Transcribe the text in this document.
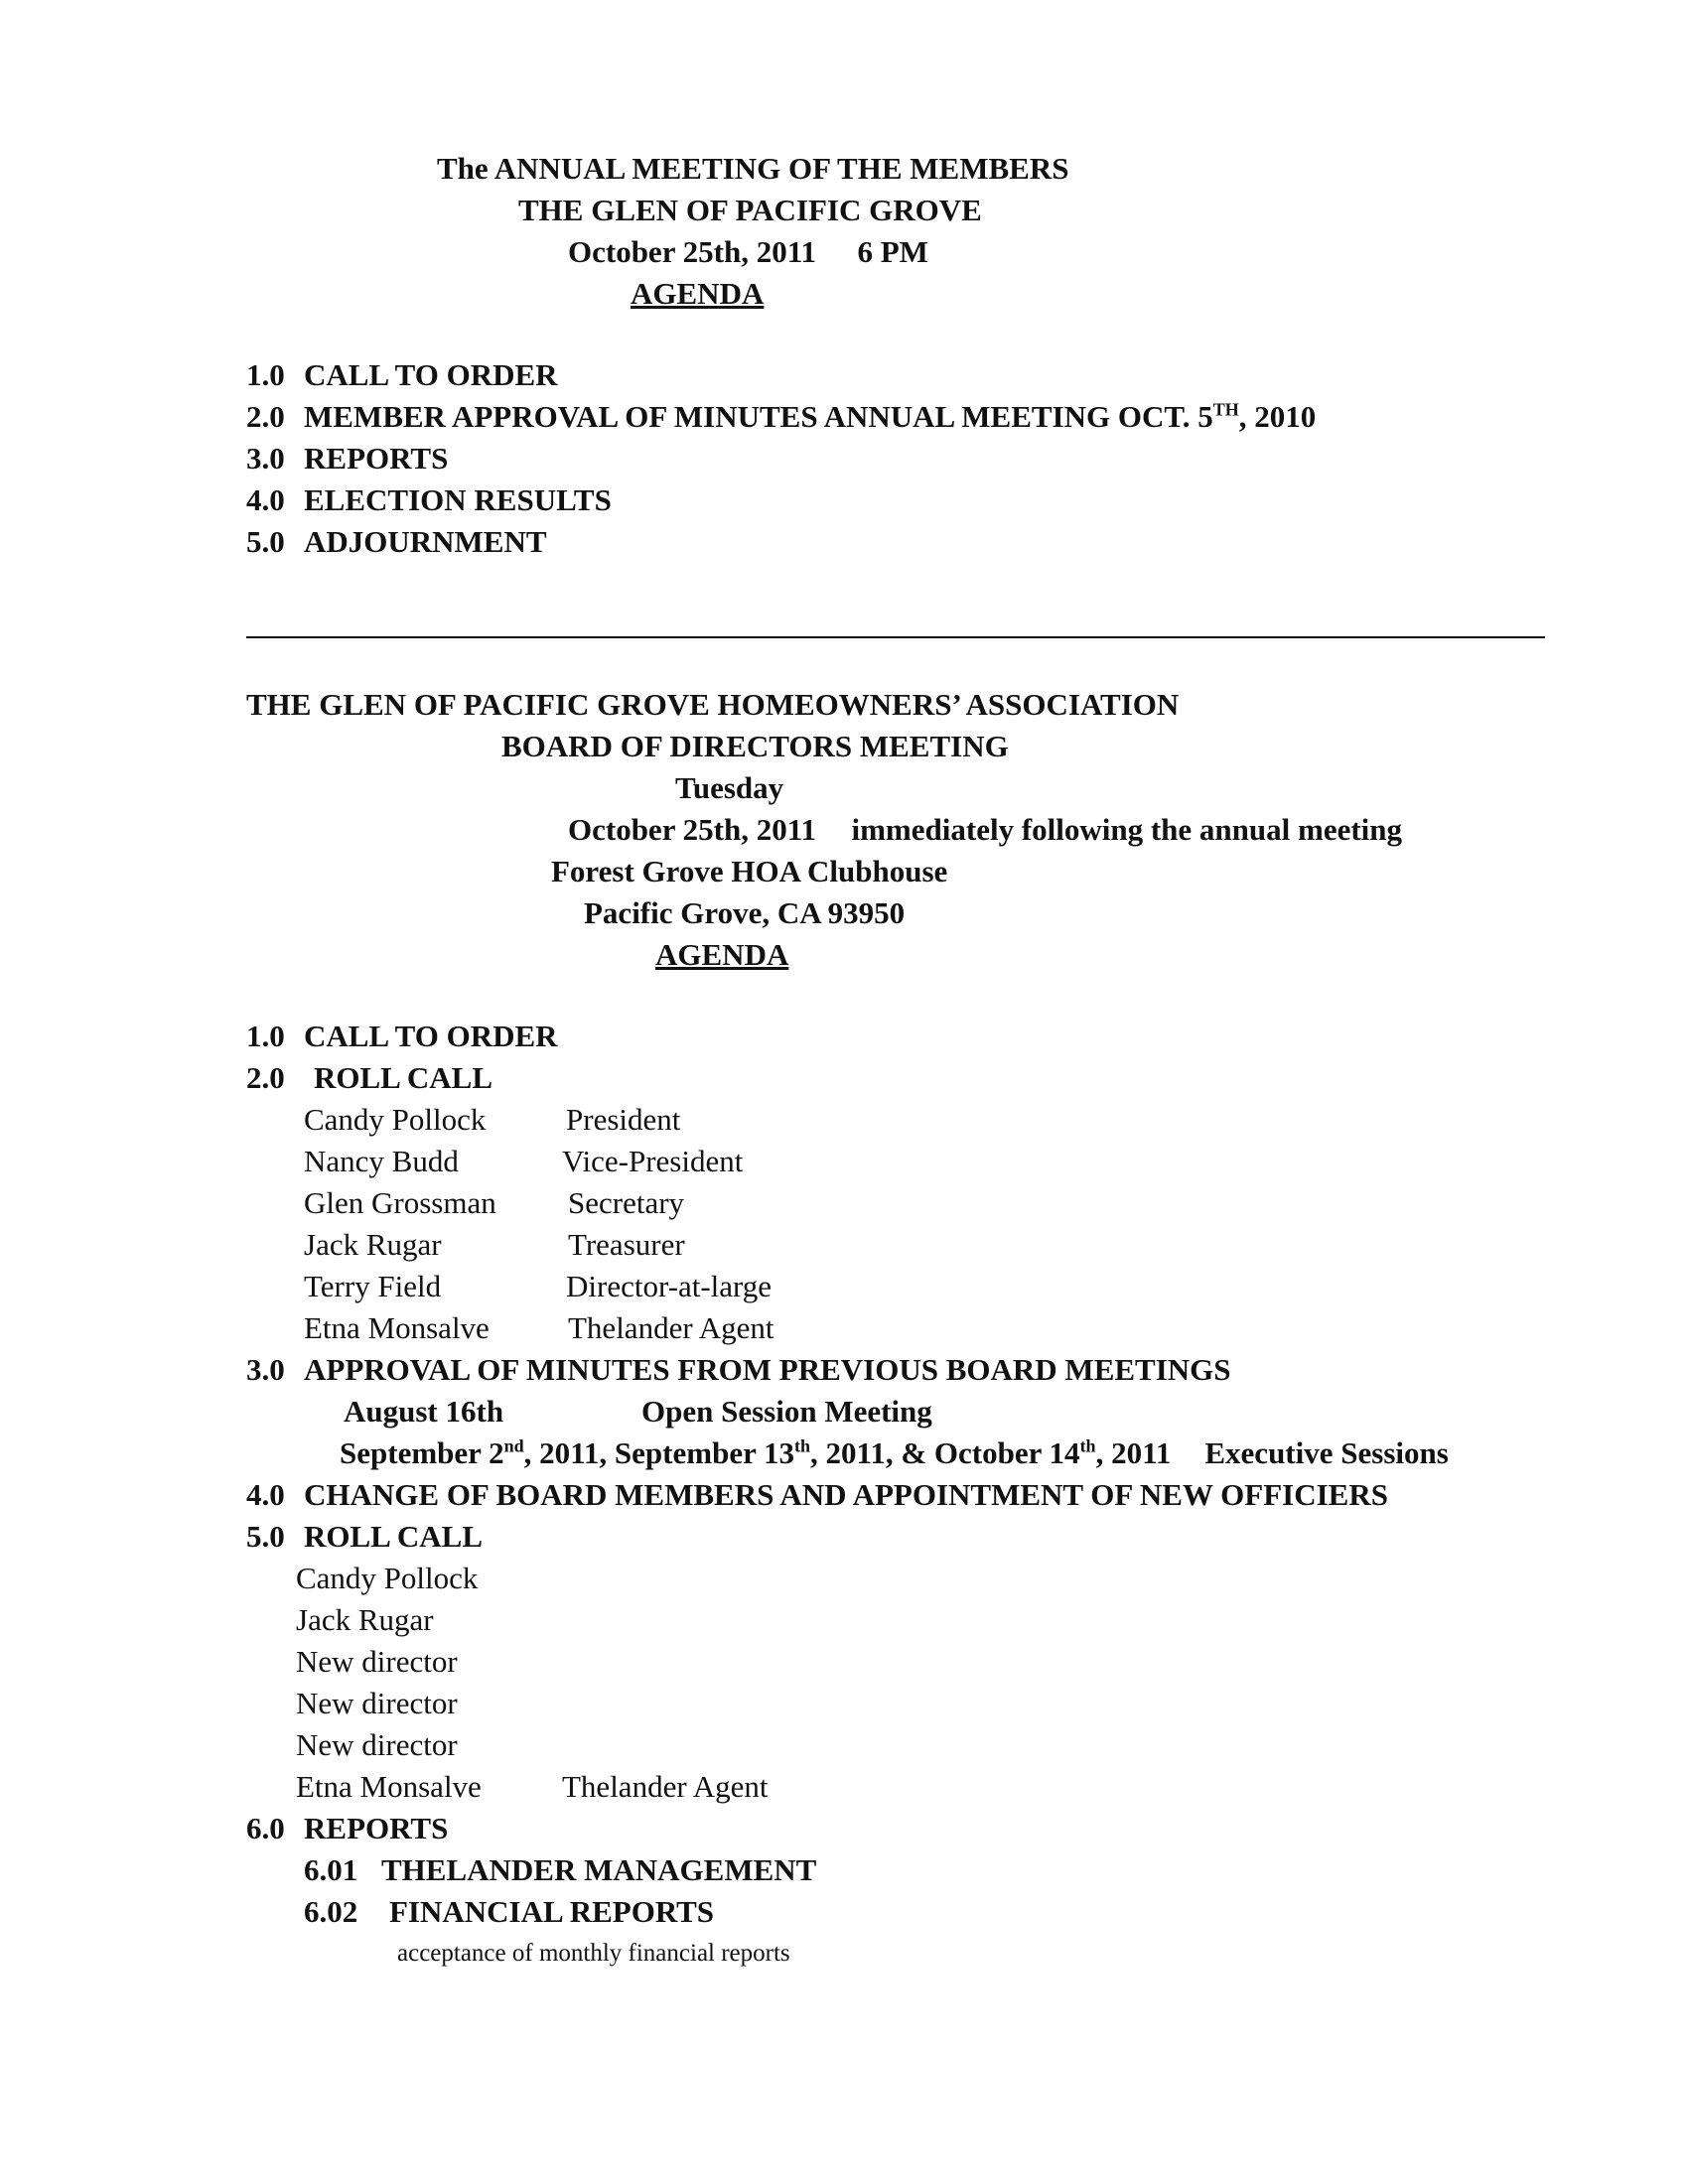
The ANNUAL MEETING OF THE MEMBERS
THE GLEN OF PACIFIC GROVE
October 25th, 2011 6 PM
AGENDA
1.0 CALL TO ORDER
2.0 MEMBER APPROVAL OF MINUTES ANNUAL MEETING OCT. 5TH, 2010
3.0 REPORTS
4.0 ELECTION RESULTS
5.0 ADJOURNMENT
THE GLEN OF PACIFIC GROVE HOMEOWNERS’ ASSOCIATION
BOARD OF DIRECTORS MEETING
Tuesday
October 25th, 2011 immediately following the annual meeting
Forest Grove HOA Clubhouse
Pacific Grove, CA 93950
AGENDA
1.0 CALL TO ORDER
2.0 ROLL CALL
Candy Pollock	President
Nancy Budd	Vice-President
Glen Grossman Secretary
Jack Rugar	Treasurer
Terry Field	Director-at-large
Etna Monsalve	Thelander Agent
3.0 APPROVAL OF MINUTES FROM PREVIOUS BOARD MEETINGS
August 16th	Open Session Meeting
September 2nd, 2011, September 13th, 2011, & October 14th, 2011 Executive Sessions
4.0 CHANGE OF BOARD MEMBERS AND APPOINTMENT OF NEW OFFICIERS
5.0 ROLL CALL
Candy Pollock
Jack Rugar
New director
New director
New director
Etna Monsalve	Thelander Agent
6.0 REPORTS
6.01 THELANDER MANAGEMENT
6.02 FINANCIAL REPORTS
acceptance of monthly financial reports
